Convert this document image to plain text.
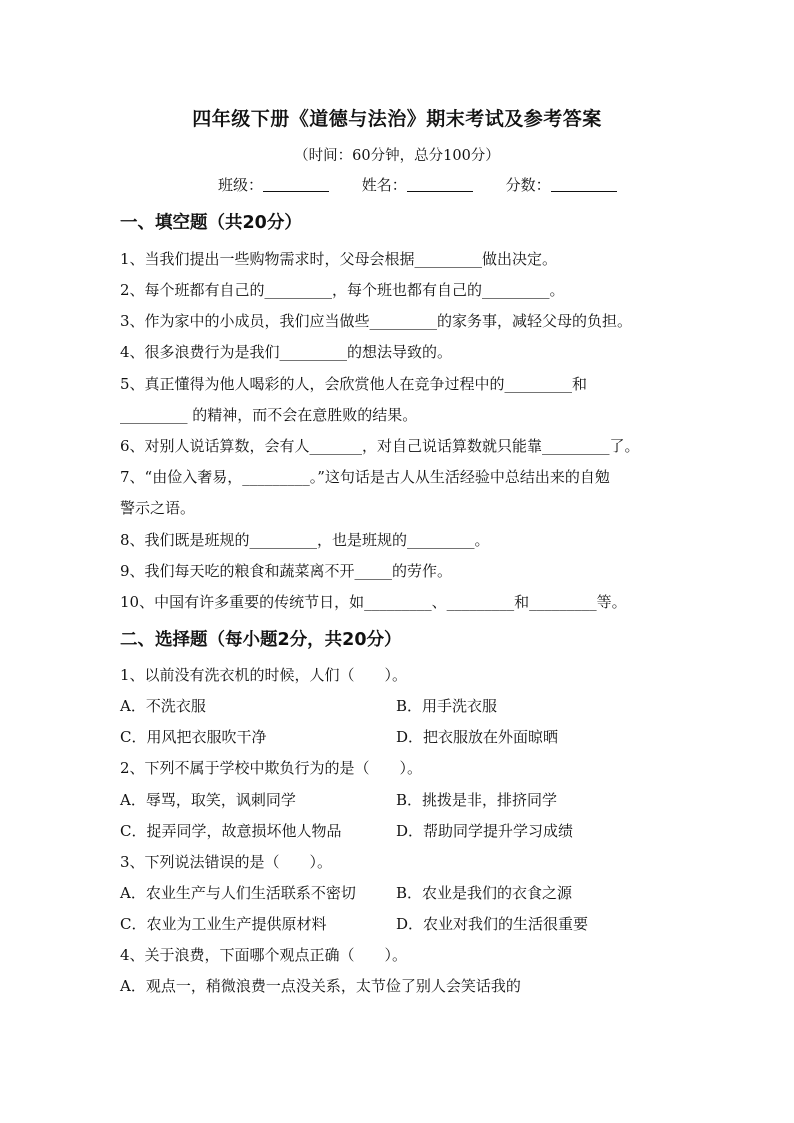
四年级下册《道德与法治》期末考试及参考答案
（时间：60分钟，总分100分）
班级：	姓名：	分数：
一、填空题（共20分）
1、当我们提出一些购物需求时，父母会根据_________做出决定。
2、每个班都有自己的_________，每个班也都有自己的_________。
3、作为家中的小成员，我们应当做些_________的家务事，减轻父母的负担。
4、很多浪费行为是我们_________的想法导致的。
5、真正懂得为他人喝彩的人，会欣赏他人在竞争过程中的_________和
_________ 的精神，而不会在意胜败的结果。
6、对别人说话算数，会有人_______，对自己说话算数就只能靠_________了。
7、“由俭入奢易，_________。”这句话是古人从生活经验中总结出来的自勉
警示之语。
8、我们既是班规的_________，也是班规的_________。
9、我们每天吃的粮食和蔬菜离不开_____的劳作。
10、中国有许多重要的传统节日，如_________、_________和_________等。
二、选择题（每小题2分，共20分）
1、以前没有洗衣机的时候，人们（　　）。
A．不洗衣服	B．用手洗衣服
C．用风把衣服吹干净	D．把衣服放在外面晾晒
2、下列不属于学校中欺负行为的是（　　）。
A．辱骂，取笑，讽刺同学	B．挑拨是非，排挤同学
C．捉弄同学，故意损坏他人物品	D．帮助同学提升学习成绩
3、下列说法错误的是（　　）。
A．农业生产与人们生活联系不密切	B．农业是我们的衣食之源
C．农业为工业生产提供原材料	D．农业对我们的生活很重要
4、关于浪费，下面哪个观点正确（　　）。
A．观点一，稍微浪费一点没关系，太节俭了别人会笑话我的
